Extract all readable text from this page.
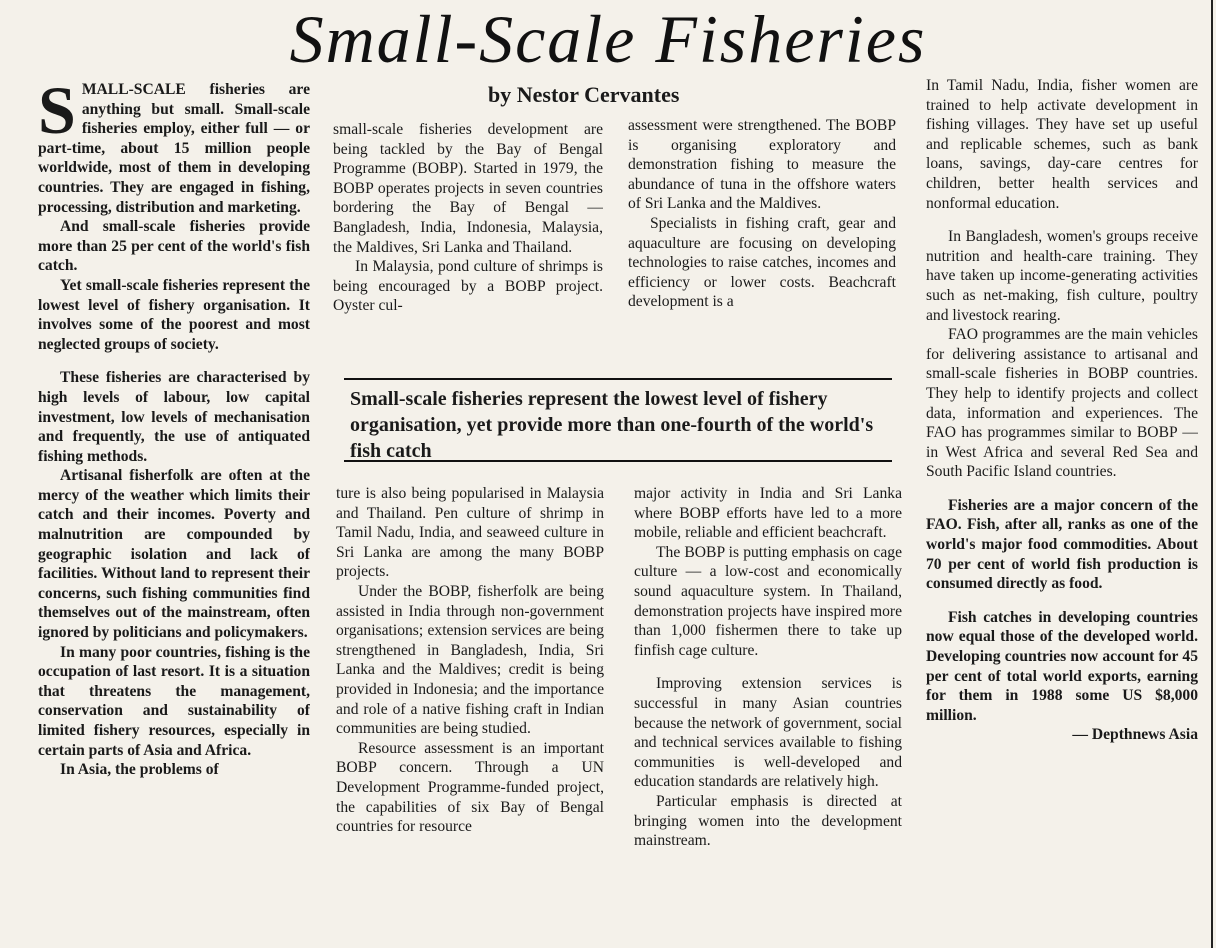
Small-Scale Fisheries
by Nestor Cervantes
S MALL-SCALE fisheries are anything but small. Small-scale fisheries employ, either full — or part-time, about 15 million people worldwide, most of them in developing countries. They are engaged in fishing, processing, distribution and marketing.

And small-scale fisheries provide more than 25 per cent of the world's fish catch.

Yet small-scale fisheries represent the lowest level of fishery organisation. It involves some of the poorest and most neglected groups of society.

These fisheries are characterised by high levels of labour, low capital investment, low levels of mechanisation and frequently, the use of antiquated fishing methods.

Artisanal fisherfolk are often at the mercy of the weather which limits their catch and their incomes. Poverty and malnutrition are compounded by geographic isolation and lack of facilities. Without land to represent their concerns, such fishing communities find themselves out of the mainstream, often ignored by politicians and policymakers.

In many poor countries, fishing is the occupation of last resort. It is a situation that threatens the management, conservation and sustainability of limited fishery resources, especially in certain parts of Asia and Africa.

In Asia, the problems of

small-scale fisheries development are being tackled by the Bay of Bengal Programme (BOBP). Started in 1979, the BOBP operates projects in seven countries bordering the Bay of Bengal — Bangladesh, India, Indonesia, Malaysia, the Maldives, Sri Lanka and Thailand.

In Malaysia, pond culture of shrimps is being encouraged by a BOBP project. Oyster cul-

assessment were strengthened. The BOBP is organising exploratory and demonstration fishing to measure the abundance of tuna in the offshore waters of Sri Lanka and the Maldives.

Specialists in fishing craft, gear and aquaculture are focusing on developing technologies to raise catches, incomes and efficiency or lower costs. Beachcraft development is a

Small-scale fisheries represent the lowest level of fishery organisation, yet provide more than one-fourth of the world's fish catch

ture is also being popularised in Malaysia and Thailand. Pen culture of shrimp in Tamil Nadu, India, and seaweed culture in Sri Lanka are among the many BOBP projects.

Under the BOBP, fisherfolk are being assisted in India through non-government organisations; extension services are being strengthened in Bangladesh, India, Sri Lanka and the Maldives; credit is being provided in Indonesia; and the importance and role of a native fishing craft in Indian communities are being studied.

Resource assessment is an important BOBP concern. Through a UN Development Programme-funded project, the capabilities of six Bay of Bengal countries for resource

major activity in India and Sri Lanka where BOBP efforts have led to a more mobile, reliable and efficient beachcraft.

The BOBP is putting emphasis on cage culture — a low-cost and economically sound aquaculture system. In Thailand, demonstration projects have inspired more than 1,000 fishermen there to take up finfish cage culture.

Improving extension services is successful in many Asian countries because the network of government, social and technical services available to fishing communities is well-developed and education standards are relatively high.

Particular emphasis is directed at bringing women into the development mainstream.

In Tamil Nadu, India, fisher women are trained to help activate development in fishing villages. They have set up useful and replicable schemes, such as bank loans, savings, day-care centres for children, better health services and nonformal education.

In Bangladesh, women's groups receive nutrition and health-care training. They have taken up income-generating activities such as net-making, fish culture, poultry and livestock rearing.

FAO programmes are the main vehicles for delivering assistance to artisanal and small-scale fisheries in BOBP countries. They help to identify projects and collect data, information and experiences. The FAO has programmes similar to BOBP — in West Africa and several Red Sea and South Pacific Island countries.

Fisheries are a major concern of the FAO. Fish, after all, ranks as one of the world's major food commodities. About 70 per cent of world fish production is consumed directly as food.

Fish catches in developing countries now equal those of the developed world. Developing countries now account for 45 per cent of total world exports, earning for them in 1988 some US $8,000 million.

— Depthnews Asia
